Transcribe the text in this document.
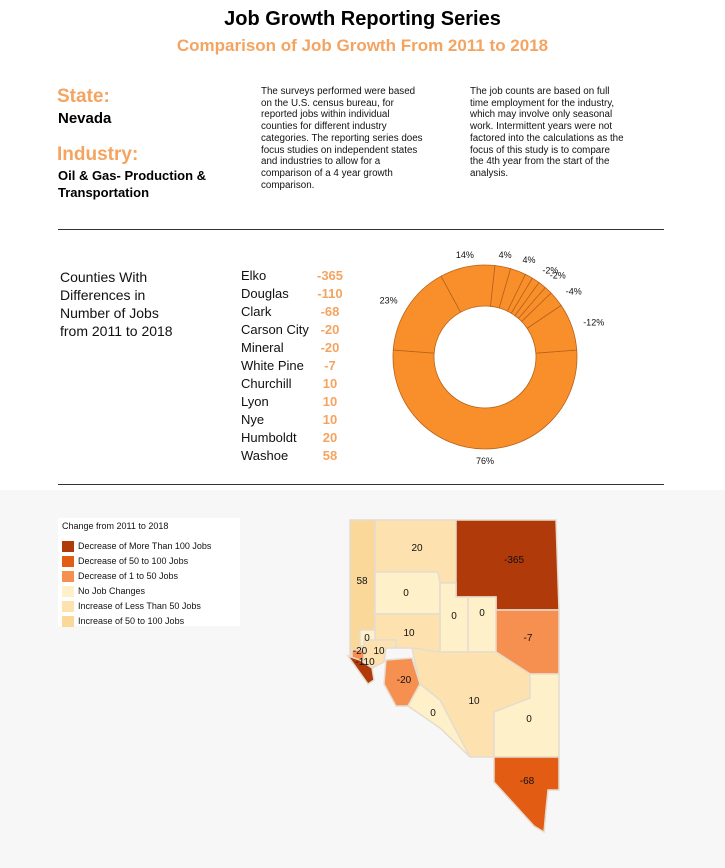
Job Growth Reporting Series
Comparison of Job Growth From 2011 to 2018
State:
Nevada
Industry:
Oil & Gas- Production &
Transportation
The surveys performed were based
on the U.S. census bureau, for
reported jobs within individual
counties for different industry
categories. The reporting series does
focus studies on independent states
and industries to allow for a
comparison of a 4 year growth
comparison.
The job counts are based on full
time employment for the industry,
which may involve only seasonal
work. Intermittent years were not
factored into the calculations as the
focus of this study is to compare
the 4th year from the start of the
analysis.
Counties With
Differences in
Number of Jobs
from 2011 to 2018
Elko	-365
Douglas	-110
Clark	-68
Carson City -20
Mineral	-20
White Pine	-7
Churchill	10
Lyon	10
Nye	10
Humboldt	20
Washoe	58	76%
23%
14%	4%
4%
-2%
-2%
-4%
-12%
Change from 2011 to 2018
Decrease of More Than 100 Jobs
Decrease of 50 to 100 Jobs
Decrease of 1 to 50 Jobs
No Job Changes
Increase of Less Than 50 Jobs
Increase of 50 to 100 Jobs
20
-365
58
0
0 0
10	-7
0
-20 10
-110
-20
10
0
0
-68
